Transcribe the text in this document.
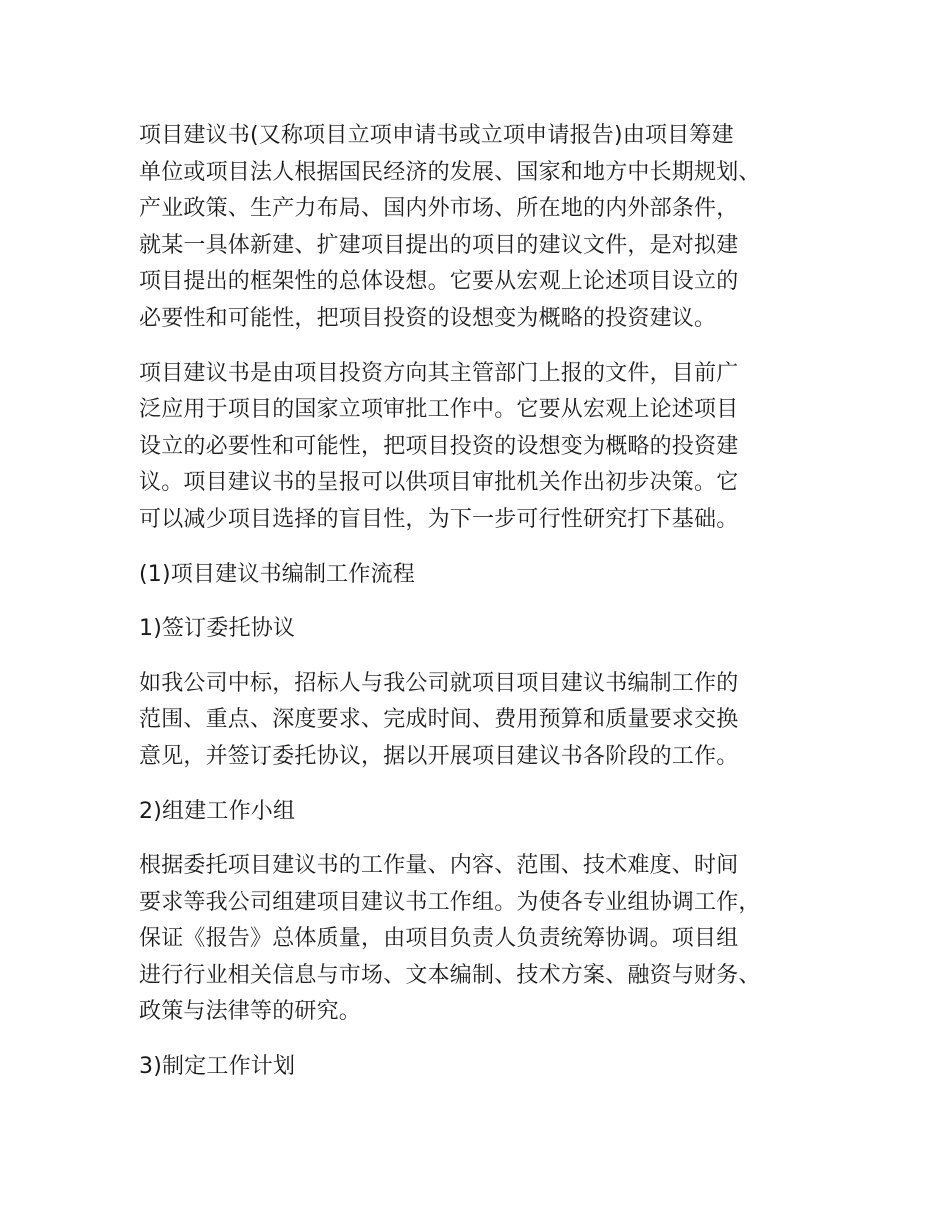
项目建议书(又称项目立项申请书或立项申请报告)由项目筹建
单位或项目法人根据国民经济的发展、国家和地方中长期规划、
产业政策、生产力布局、国内外市场、所在地的内外部条件，
就某一具体新建、扩建项目提出的项目的建议文件，是对拟建
项目提出的框架性的总体设想。它要从宏观上论述项目设立的
必要性和可能性，把项目投资的设想变为概略的投资建议。

项目建议书是由项目投资方向其主管部门上报的文件，目前广
泛应用于项目的国家立项审批工作中。它要从宏观上论述项目
设立的必要性和可能性，把项目投资的设想变为概略的投资建
议。项目建议书的呈报可以供项目审批机关作出初步决策。它
可以减少项目选择的盲目性，为下一步可行性研究打下基础。

(1)项目建议书编制工作流程

1)签订委托协议

如我公司中标，招标人与我公司就项目项目建议书编制工作的
范围、重点、深度要求、完成时间、费用预算和质量要求交换
意见，并签订委托协议，据以开展项目建议书各阶段的工作。

2)组建工作小组

根据委托项目建议书的工作量、内容、范围、技术难度、时间
要求等我公司组建项目建议书工作组。为使各专业组协调工作，
保证《报告》总体质量，由项目负责人负责统筹协调。项目组
进行行业相关信息与市场、文本编制、技术方案、融资与财务、
政策与法律等的研究。

3)制定工作计划
